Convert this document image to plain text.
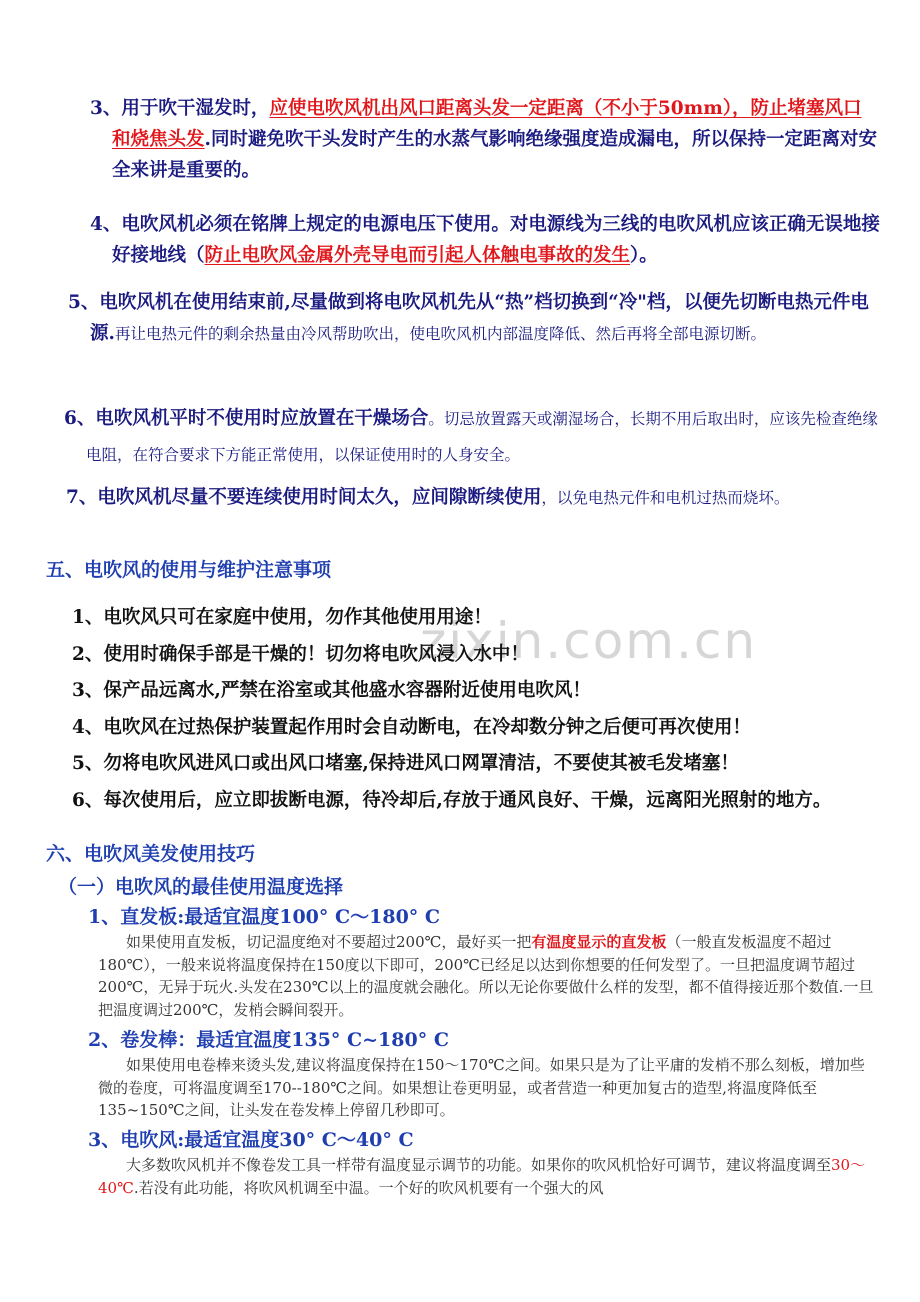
zixin.com.cn
3、用于吹干湿发时，应使电吹风机出风口距离头发一定距离（不小于50mm），防止堵塞风口和烧焦头发.同时避免吹干头发时产生的水蒸气影响绝缘强度造成漏电，所以保持一定距离对安全来讲是重要的。
4、电吹风机必须在铭牌上规定的电源电压下使用。对电源线为三线的电吹风机应该正确无误地接好接地线（防止电吹风金属外壳导电而引起人体触电事故的发生）。
5、电吹风机在使用结束前,尽量做到将电吹风机先从“热”档切换到“冷"档，以便先切断电热元件电源.再让电热元件的剩余热量由冷风帮助吹出，使电吹风机内部温度降低、然后再将全部电源切断。
6、电吹风机平时不使用时应放置在干燥场合。切忌放置露天或潮湿场合，长期不用后取出时，应该先检查绝缘电阻，在符合要求下方能正常使用，以保证使用时的人身安全。
7、电吹风机尽量不要连续使用时间太久，应间隙断续使用，以免电热元件和电机过热而烧坏。
五、电吹风的使用与维护注意事项
1、电吹风只可在家庭中使用，勿作其他使用用途！
2、使用时确保手部是干燥的！切勿将电吹风浸入水中！
3、保产品远离水,严禁在浴室或其他盛水容器附近使用电吹风！
4、电吹风在过热保护装置起作用时会自动断电，在冷却数分钟之后便可再次使用！
5、勿将电吹风进风口或出风口堵塞,保持进风口网罩清洁，不要使其被毛发堵塞！
6、每次使用后，应立即拔断电源，待冷却后,存放于通风良好、干燥，远离阳光照射的地方。
六、电吹风美发使用技巧
（一）电吹风的最佳使用温度选择
1、直发板:最适宜温度100° C～180° C
如果使用直发板，切记温度绝对不要超过200℃，最好买一把有温度显示的直发板（一般直发板温度不超过180℃），一般来说将温度保持在150度以下即可，200℃已经足以达到你想要的任何发型了。一旦把温度调节超过200℃，无异于玩火.头发在230℃以上的温度就会融化。所以无论你要做什么样的发型，都不值得接近那个数值.一旦把温度调过200℃，发梢会瞬间裂开。
2、卷发棒：最适宜温度135° C~180° C
如果使用电卷棒来烫头发,建议将温度保持在150～170℃之间。如果只是为了让平庸的发梢不那么刻板，增加些微的卷度，可将温度调至170--180℃之间。如果想让卷更明显，或者营造一种更加复古的造型,将温度降低至135~150℃之间，让头发在卷发棒上停留几秒即可。
3、电吹风:最适宜温度30° C～40° C
大多数吹风机并不像卷发工具一样带有温度显示调节的功能。如果你的吹风机恰好可调节，建议将温度调至30～40℃.若没有此功能，将吹风机调至中温。一个好的吹风机要有一个强大的风
